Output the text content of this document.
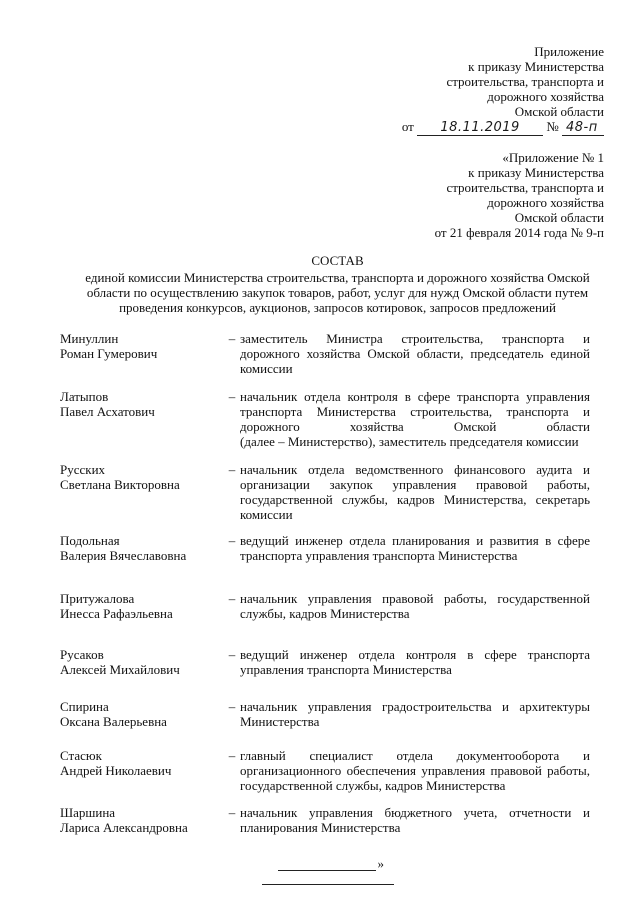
Приложение
к приказу Министерства
строительства, транспорта и
дорожного хозяйства
Омской области
от 18.11.2019 № 48-п
«Приложение № 1
к приказу Министерства
строительства, транспорта и
дорожного хозяйства
Омской области
от 21 февраля 2014 года № 9-п
СОСТАВ
единой комиссии Министерства строительства, транспорта и дорожного хозяйства Омской
области по осуществлению закупок товаров, работ, услуг для нужд Омской области путем
проведения конкурсов, аукционов, запросов котировок, запросов предложений
Минуллин
Роман Гумерович
– заместитель Министра строительства, транспорта и
дорожного хозяйства Омской области, председатель единой
комиссии
Латыпов
Павел Асхатович
– начальник отдела контроля в сфере транспорта управления
транспорта Министерства строительства, транспорта и
дорожного хозяйства Омской области
(далее – Министерство), заместитель председателя комиссии
Русских
Светлана Викторовна
– начальник отдела ведомственного финансового аудита и
организации закупок управления правовой работы,
государственной службы, кадров Министерства, секретарь
комиссии
Подольная
Валерия Вячеславовна
– ведущий инженер отдела планирования и развития в сфере
транспорта управления транспорта Министерства
Притужалова
Инесса Рафаэльевна
– начальник управления правовой работы, государственной
службы, кадров Министерства
Русаков
Алексей Михайлович
– ведущий инженер отдела контроля в сфере транспорта
управления транспорта Министерства
Спирина
Оксана Валерьевна
– начальник управления градостроительства и архитектуры
Министерства
Стасюк
Андрей Николаевич
– главный специалист отдела документооборота и
организационного обеспечения управления правовой работы,
государственной службы, кадров Министерства
Шаршина
Лариса Александровна
– начальник управления бюджетного учета, отчетности и
планирования Министерства
»
